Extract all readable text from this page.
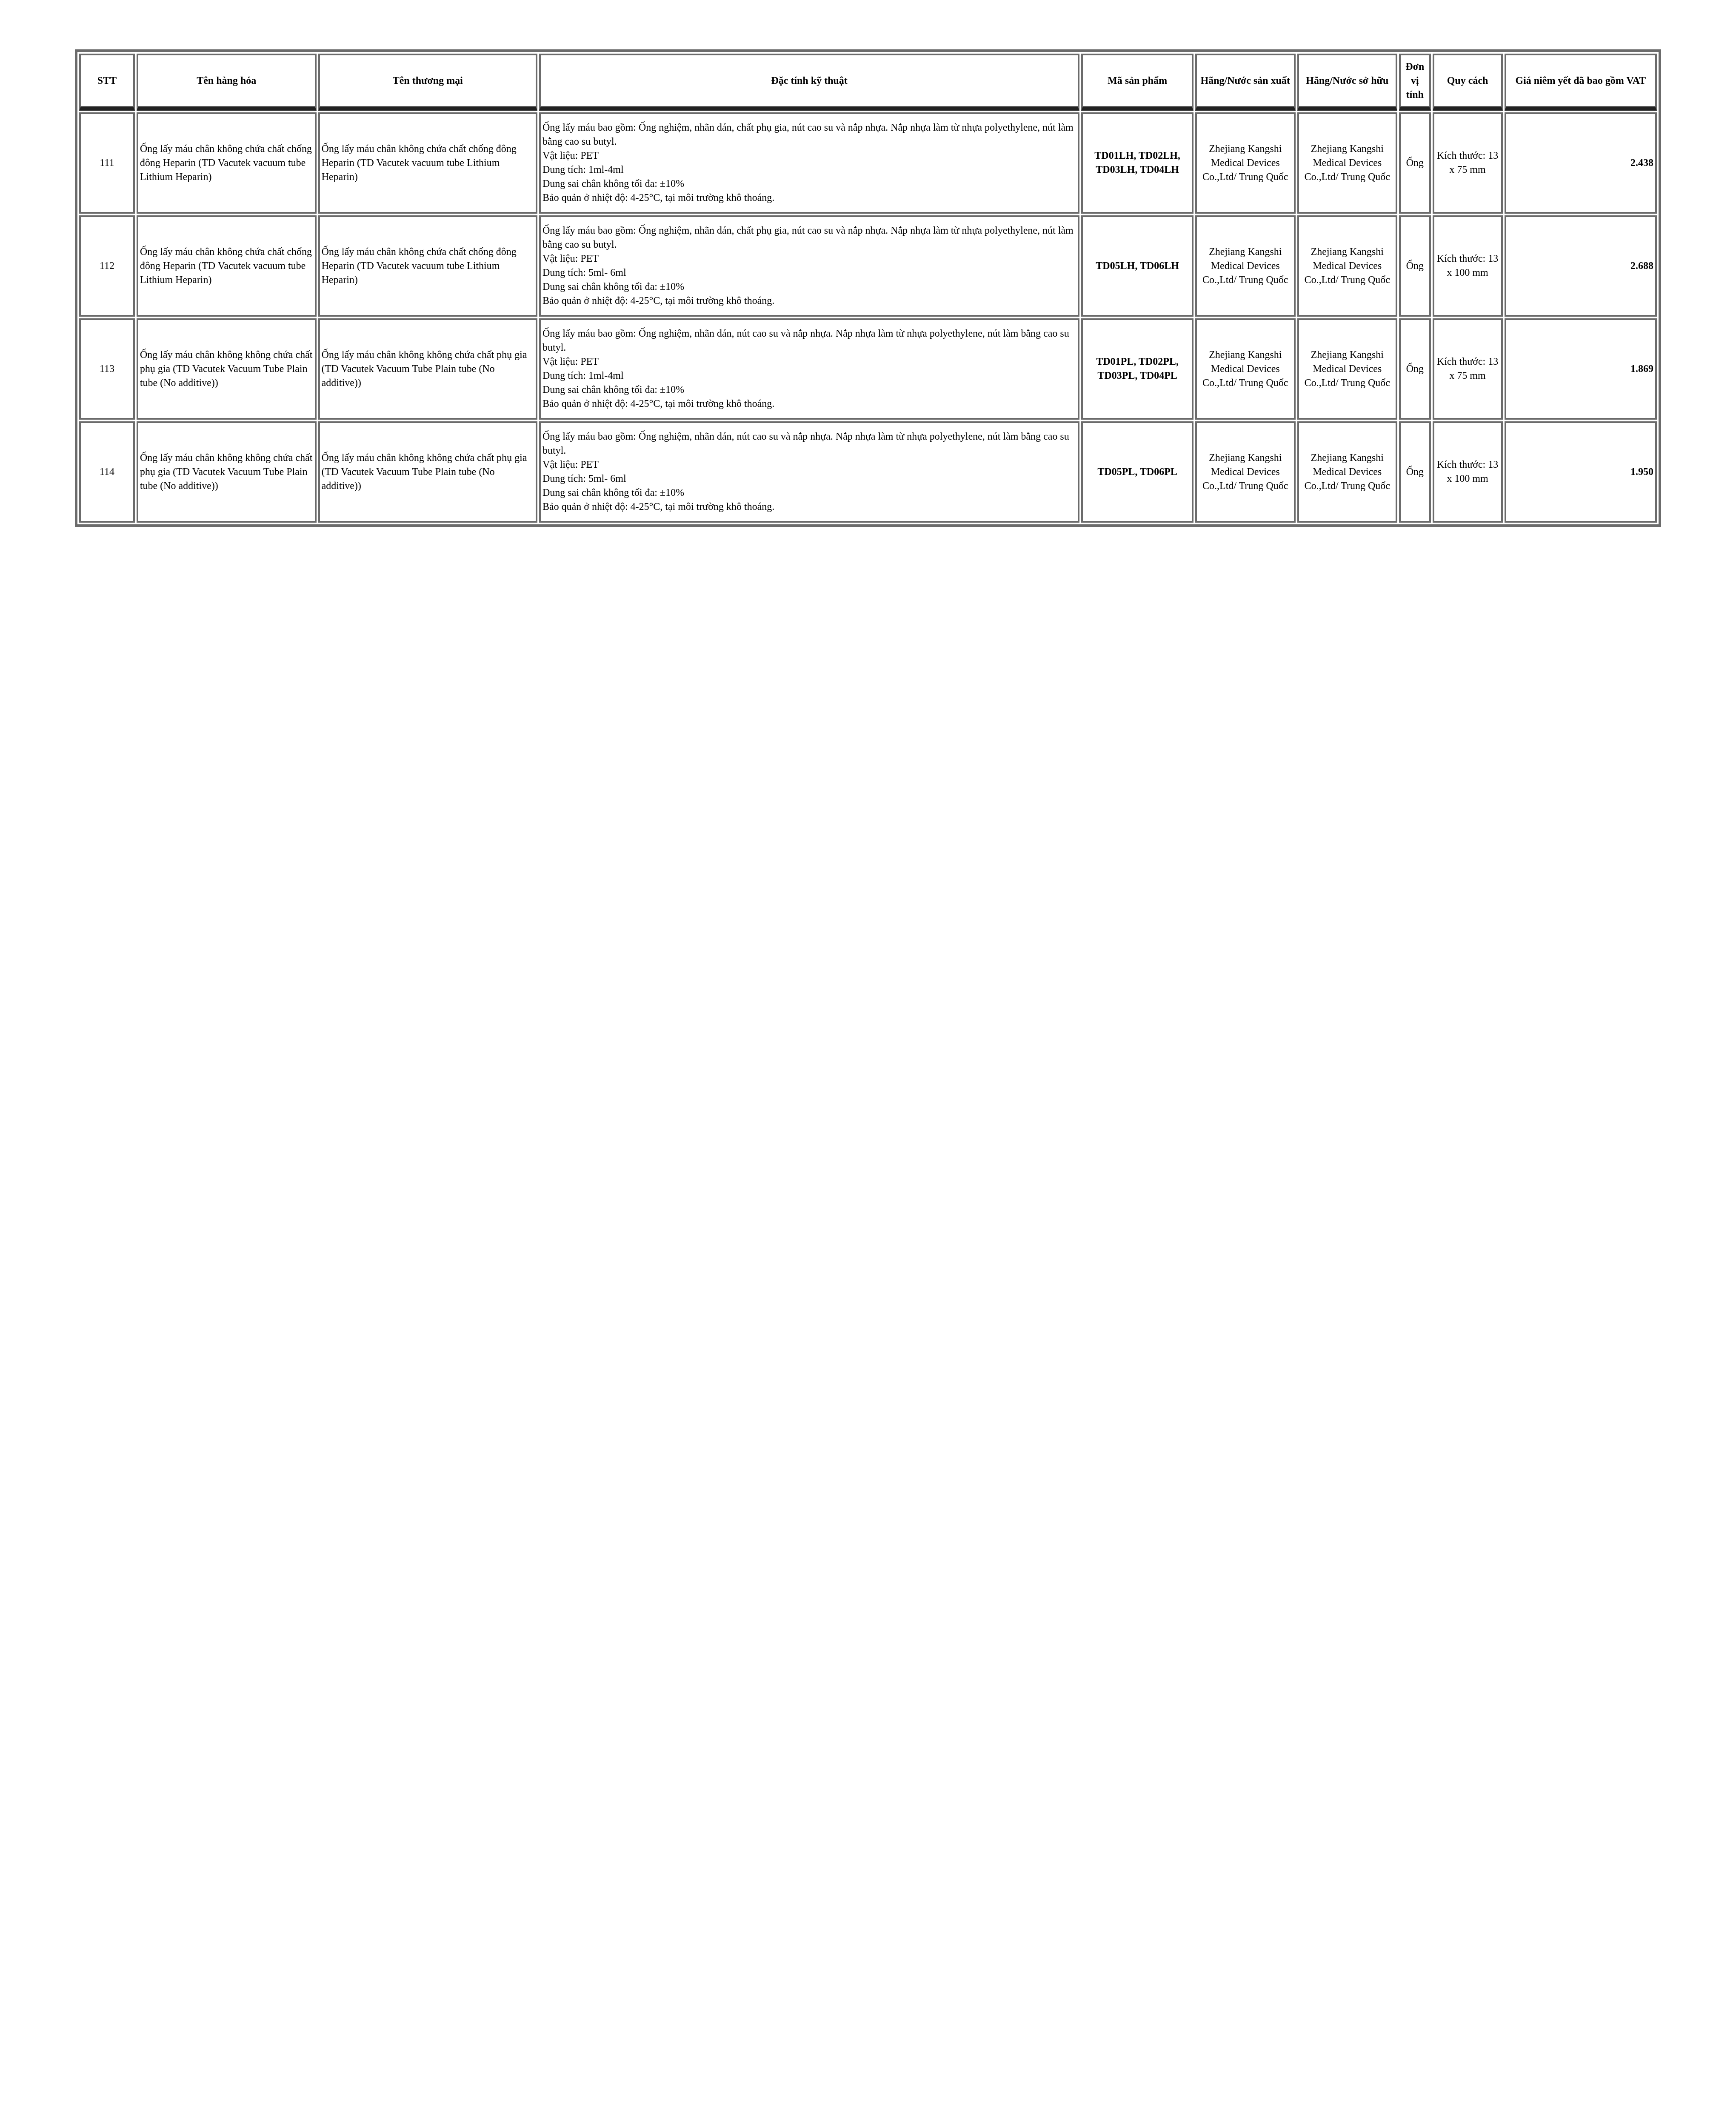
STT	Tên hàng hóa	Tên thương mại	Đặc tính kỹ thuật	Mã sản phẩm	Hãng/Nước sản xuất	Hãng/Nước sở hữu	Đơn vị tính	Quy cách	Giá niêm yết đã bao gồm VAT
111	Ống lấy máu chân không chứa chất chống đông Heparin (TD Vacutek vacuum tube Lithium Heparin)	Ống lấy máu chân không chứa chất chống đông Heparin (TD Vacutek vacuum tube Lithium Heparin)	Ống lấy máu bao gồm: Ống nghiệm, nhãn dán, chất phụ gia, nút cao su và nắp nhựa. Nắp nhựa làm từ nhựa polyethylene, nút làm bằng cao su butyl.
Vật liệu: PET
Dung tích: 1ml-4ml
Dung sai chân không tối đa: ±10%
Bảo quản ở nhiệt độ: 4-25°C, tại môi trường khô thoáng.	TD01LH, TD02LH, TD03LH, TD04LH	Zhejiang Kangshi Medical Devices Co.,Ltd/ Trung Quốc	Zhejiang Kangshi Medical Devices Co.,Ltd/ Trung Quốc	Ống	Kích thước: 13 x 75 mm	2.438
112	Ống lấy máu chân không chứa chất chống đông Heparin (TD Vacutek vacuum tube Lithium Heparin)	Ống lấy máu chân không chứa chất chống đông Heparin (TD Vacutek vacuum tube Lithium Heparin)	Ống lấy máu bao gồm: Ống nghiệm, nhãn dán, chất phụ gia, nút cao su và nắp nhựa. Nắp nhựa làm từ nhựa polyethylene, nút làm bằng cao su butyl.
Vật liệu: PET
Dung tích: 5ml- 6ml
Dung sai chân không tối đa: ±10%
Bảo quản ở nhiệt độ: 4-25°C, tại môi trường khô thoáng.	TD05LH, TD06LH	Zhejiang Kangshi Medical Devices Co.,Ltd/ Trung Quốc	Zhejiang Kangshi Medical Devices Co.,Ltd/ Trung Quốc	Ống	Kích thước: 13 x 100 mm	2.688
113	Ống lấy máu chân không không chứa chất phụ gia (TD Vacutek Vacuum Tube Plain tube (No additive))	Ống lấy máu chân không không chứa chất phụ gia (TD Vacutek Vacuum Tube Plain tube (No additive))	Ống lấy máu bao gồm: Ống nghiệm, nhãn dán, nút cao su và nắp nhựa. Nắp nhựa làm từ nhựa polyethylene, nút làm bằng cao su butyl.
Vật liệu: PET
Dung tích: 1ml-4ml
Dung sai chân không tối đa: ±10%
Bảo quản ở nhiệt độ: 4-25°C, tại môi trường khô thoáng.	TD01PL, TD02PL, TD03PL, TD04PL	Zhejiang Kangshi Medical Devices Co.,Ltd/ Trung Quốc	Zhejiang Kangshi Medical Devices Co.,Ltd/ Trung Quốc	Ống	Kích thước: 13 x 75 mm	1.869
114	Ống lấy máu chân không không chứa chất phụ gia (TD Vacutek Vacuum Tube Plain tube (No additive))	Ống lấy máu chân không không chứa chất phụ gia (TD Vacutek Vacuum Tube Plain tube (No additive))	Ống lấy máu bao gồm: Ống nghiệm, nhãn dán, nút cao su và nắp nhựa. Nắp nhựa làm từ nhựa polyethylene, nút làm bằng cao su butyl.
Vật liệu: PET
Dung tích: 5ml- 6ml
Dung sai chân không tối đa: ±10%
Bảo quản ở nhiệt độ: 4-25°C, tại môi trường khô thoáng.	TD05PL, TD06PL	Zhejiang Kangshi Medical Devices Co.,Ltd/ Trung Quốc	Zhejiang Kangshi Medical Devices Co.,Ltd/ Trung Quốc	Ống	Kích thước: 13 x 100 mm	1.950
